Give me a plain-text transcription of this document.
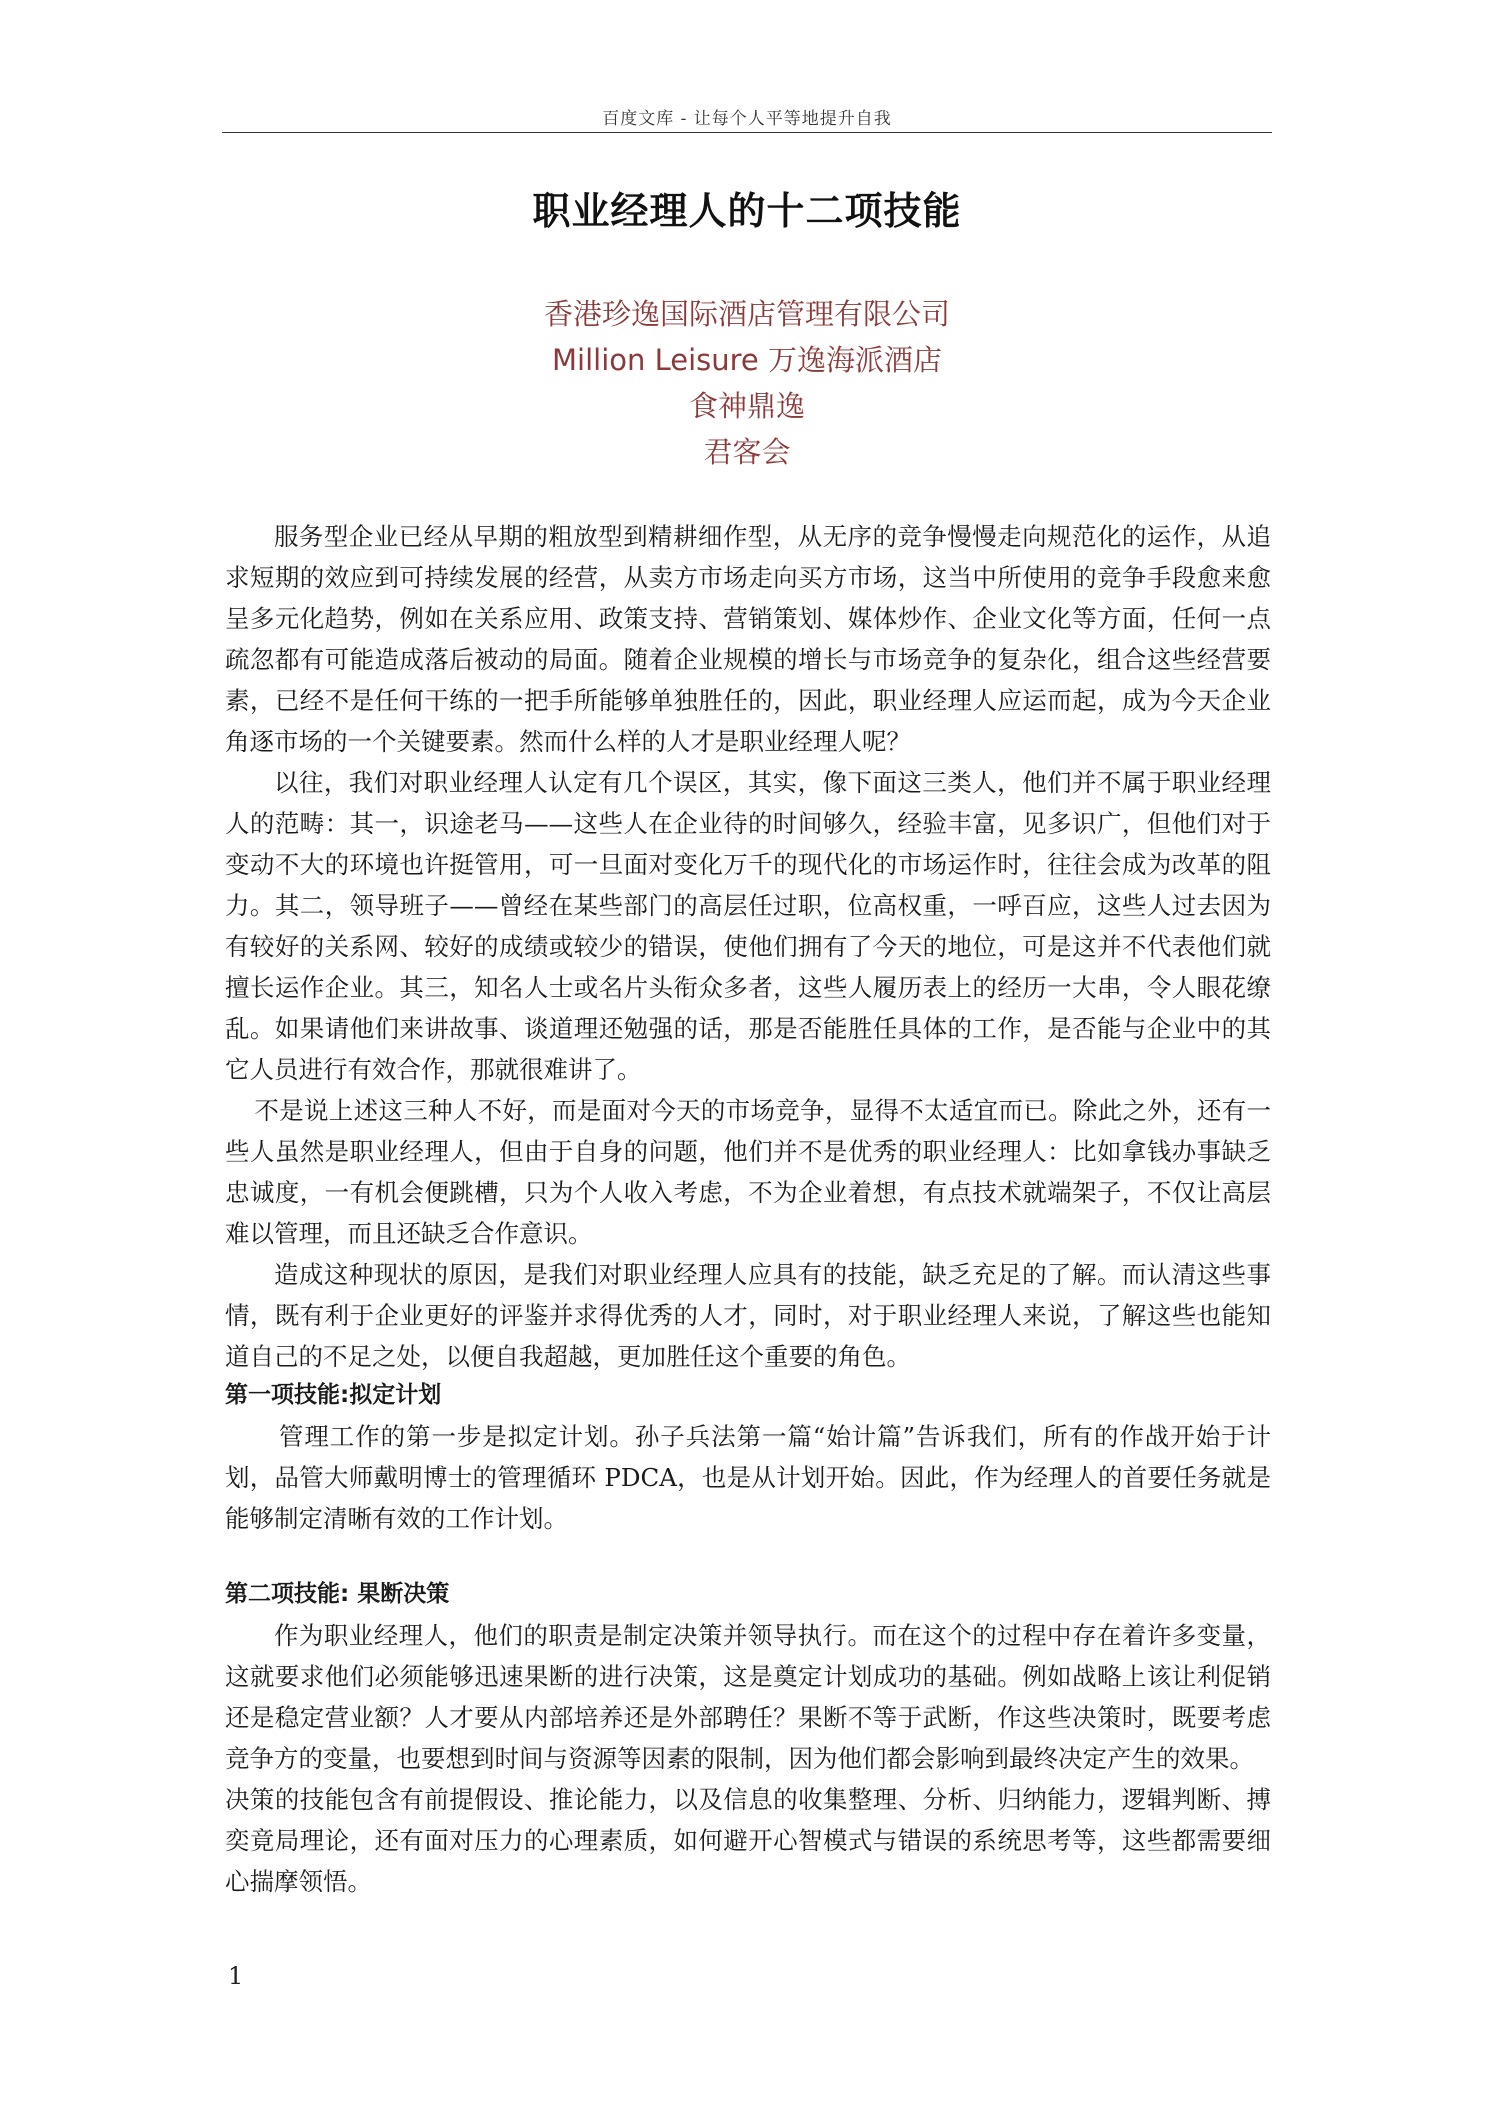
百度文库 - 让每个人平等地提升自我
职业经理人的十二项技能
香港珍逸国际酒店管理有限公司
Million Leisure 万逸海派酒店
食神鼎逸
君客会

服务型企业已经从早期的粗放型到精耕细作型，从无序的竞争慢慢走向规范化的运作，从追求短期的效应到可持续发展的经营，从卖方市场走向买方市场，这当中所使用的竞争手段愈来愈呈多元化趋势，例如在关系应用、政策支持、营销策划、媒体炒作、企业文化等方面，任何一点疏忽都有可能造成落后被动的局面。随着企业规模的增长与市场竞争的复杂化，组合这些经营要素，已经不是任何干练的一把手所能够单独胜任的，因此，职业经理人应运而起，成为今天企业角逐市场的一个关键要素。然而什么样的人才是职业经理人呢？

以往，我们对职业经理人认定有几个误区，其实，像下面这三类人，他们并不属于职业经理人的范畴：其一，识途老马——这些人在企业待的时间够久，经验丰富，见多识广，但他们对于变动不大的环境也许挺管用，可一旦面对变化万千的现代化的市场运作时，往往会成为改革的阻力。其二，领导班子——曾经在某些部门的高层任过职，位高权重，一呼百应，这些人过去因为有较好的关系网、较好的成绩或较少的错误，使他们拥有了今天的地位，可是这并不代表他们就擅长运作企业。其三，知名人士或名片头衔众多者，这些人履历表上的经历一大串，令人眼花缭乱。如果请他们来讲故事、谈道理还勉强的话，那是否能胜任具体的工作，是否能与企业中的其它人员进行有效合作，那就很难讲了。

不是说上述这三种人不好，而是面对今天的市场竞争，显得不太适宜而已。除此之外，还有一些人虽然是职业经理人，但由于自身的问题，他们并不是优秀的职业经理人：比如拿钱办事缺乏忠诚度，一有机会便跳槽，只为个人收入考虑，不为企业着想，有点技术就端架子，不仅让高层难以管理，而且还缺乏合作意识。

造成这种现状的原因，是我们对职业经理人应具有的技能，缺乏充足的了解。而认清这些事情，既有利于企业更好的评鉴并求得优秀的人才，同时，对于职业经理人来说，了解这些也能知道自己的不足之处，以便自我超越，更加胜任这个重要的角色。

第一项技能:拟定计划

管理工作的第一步是拟定计划。孙子兵法第一篇“始计篇”告诉我们，所有的作战开始于计划，品管大师戴明博士的管理循环 PDCA，也是从计划开始。因此，作为经理人的首要任务就是能够制定清晰有效的工作计划。

第二项技能: 果断决策

作为职业经理人，他们的职责是制定决策并领导执行。而在这个的过程中存在着许多变量，这就要求他们必须能够迅速果断的进行决策，这是奠定计划成功的基础。例如战略上该让利促销还是稳定营业额？人才要从内部培养还是外部聘任？果断不等于武断，作这些决策时，既要考虑竞争方的变量，也要想到时间与资源等因素的限制，因为他们都会影响到最终决定产生的效果。

决策的技能包含有前提假设、推论能力，以及信息的收集整理、分析、归纳能力，逻辑判断、搏奕竟局理论，还有面对压力的心理素质，如何避开心智模式与错误的系统思考等，这些都需要细心揣摩领悟。

1
